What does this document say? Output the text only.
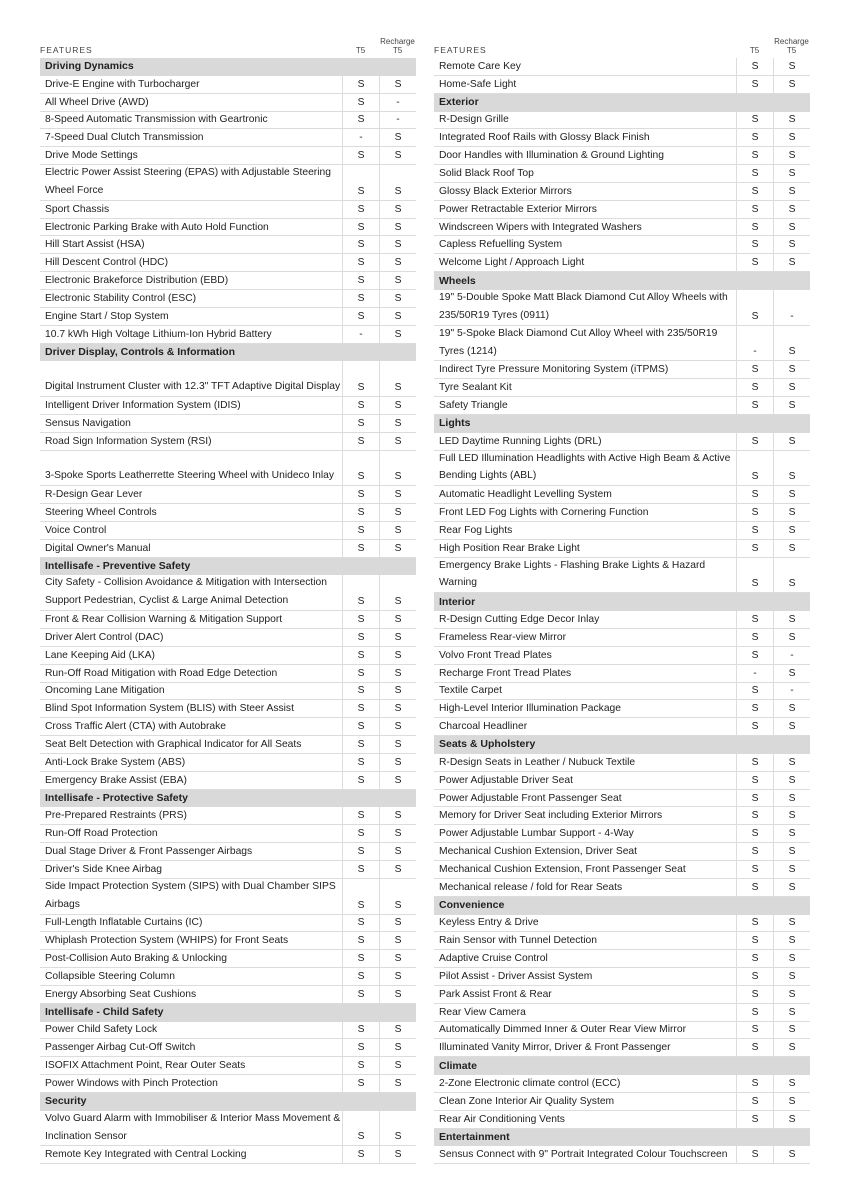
FEATURES	T5
Recharge T5
Driving Dynamics
Drive-E Engine with Turbocharger	S	S
All Wheel Drive (AWD)	S	-
8-Speed Automatic Transmission with Geartronic	S	-
7-Speed Dual Clutch Transmission	-	S
Drive Mode Settings	S	S
Electric Power Assist Steering (EPAS) with Adjustable Steering Wheel Force	S	S
Sport Chassis	S	S
Electronic Parking Brake with Auto Hold Function	S	S
Hill Start Assist (HSA)	S	S
Hill Descent Control (HDC)	S	S
Electronic Brakeforce Distribution (EBD)	S	S
Electronic Stability Control (ESC)	S	S
Engine Start / Stop System	S	S
10.7 kWh High Voltage Lithium-Ion Hybrid Battery	-	S
Driver Display, Controls & Information
Digital Instrument Cluster with 12.3" TFT Adaptive Digital Display	S	S
Intelligent Driver Information System (IDIS)	S	S
Sensus Navigation	S	S
Road Sign Information System (RSI)	S	S
3-Spoke Sports Leatherrette Steering Wheel with Unideco Inlay	S	S
R-Design Gear Lever	S	S
Steering Wheel Controls	S	S
Voice Control	S	S
Digital Owner's Manual	S	S
Intellisafe - Preventive Safety
City Safety - Collision Avoidance & Mitigation with Intersection Support Pedestrian, Cyclist & Large Animal Detection	S	S
Front & Rear Collision Warning & Mitigation Support	S	S
Driver Alert Control (DAC)	S	S
Lane Keeping Aid (LKA)	S	S
Run-Off Road Mitigation with Road Edge Detection	S	S
Oncoming Lane Mitigation	S	S
Blind Spot Information System (BLIS) with Steer Assist	S	S
Cross Traffic Alert (CTA) with Autobrake	S	S
Seat Belt Detection with Graphical Indicator for All Seats	S	S
Anti-Lock Brake System (ABS)	S	S
Emergency Brake Assist (EBA)	S	S
Intellisafe - Protective Safety
Pre-Prepared Restraints (PRS)	S	S
Run-Off Road Protection	S	S
Dual Stage Driver & Front Passenger Airbags	S	S
Driver's Side Knee Airbag	S	S
Side Impact Protection System (SIPS) with Dual Chamber SIPS Airbags	S	S
Full-Length Inflatable Curtains (IC)	S	S
Whiplash Protection System (WHIPS) for Front Seats	S	S
Post-Collision Auto Braking & Unlocking	S	S
Collapsible Steering Column	S	S
Energy Absorbing Seat Cushions	S	S
Intellisafe - Child Safety
Power Child Safety Lock	S	S
Passenger Airbag Cut-Off Switch	S	S
ISOFIX Attachment Point, Rear Outer Seats	S	S
Power Windows with Pinch Protection	S	S
Security
Volvo Guard Alarm with Immobiliser & Interior Mass Movement & Inclination Sensor	S	S
Remote Key Integrated with Central Locking	S	S
FEATURES	T5
Recharge T5
Remote Care Key	S	S
Home-Safe Light	S	S
Exterior
R-Design Grille	S	S
Integrated Roof Rails with Glossy Black Finish	S	S
Door Handles with Illumination & Ground Lighting	S	S
Solid Black Roof Top	S	S
Glossy Black Exterior Mirrors	S	S
Power Retractable Exterior Mirrors	S	S
Windscreen Wipers with Integrated Washers	S	S
Capless Refuelling System	S	S
Welcome Light / Approach Light	S	S
Wheels
19" 5-Double Spoke Matt Black Diamond Cut Alloy Wheels with 235/50R19 Tyres (0911)	S	-
19" 5-Spoke Black Diamond Cut Alloy Wheel with 235/50R19 Tyres (1214)	-	S
Indirect Tyre Pressure Monitoring System (iTPMS)	S	S
Tyre Sealant Kit	S	S
Safety Triangle	S	S
Lights
LED Daytime Running Lights (DRL)	S	S
Full LED Illumination Headlights with Active High Beam & Active Bending Lights (ABL)	S	S
Automatic Headlight Levelling System	S	S
Front LED Fog Lights with Cornering Function	S	S
Rear Fog Lights	S	S
High Position Rear Brake Light	S	S
Emergency Brake Lights - Flashing Brake Lights & Hazard Warning	S	S
Interior
R-Design Cutting Edge Decor Inlay	S	S
Frameless Rear-view Mirror	S	S
Volvo Front Tread Plates	S	-
Recharge Front Tread Plates	-	S
Textile Carpet	S	-
High-Level Interior Illumination Package	S	S
Charcoal Headliner	S	S
Seats & Upholstery
R-Design Seats in Leather / Nubuck Textile	S	S
Power Adjustable Driver Seat	S	S
Power Adjustable Front Passenger Seat	S	S
Memory for Driver Seat including Exterior Mirrors	S	S
Power Adjustable Lumbar Support - 4-Way	S	S
Mechanical Cushion Extension, Driver Seat	S	S
Mechanical Cushion Extension, Front Passenger Seat	S	S
Mechanical release / fold for Rear Seats	S	S
Convenience
Keyless Entry & Drive	S	S
Rain Sensor with Tunnel Detection	S	S
Adaptive Cruise Control	S	S
Pilot Assist - Driver Assist System	S	S
Park Assist Front & Rear	S	S
Rear View Camera	S	S
Automatically Dimmed Inner & Outer Rear View Mirror	S	S
Illuminated Vanity Mirror, Driver & Front Passenger	S	S
Climate
2-Zone Electronic climate control (ECC)	S	S
Clean Zone Interior Air Quality System	S	S
Rear Air Conditioning Vents	S	S
Entertainment
Sensus Connect with 9" Portrait Integrated Colour Touchscreen	S	S
